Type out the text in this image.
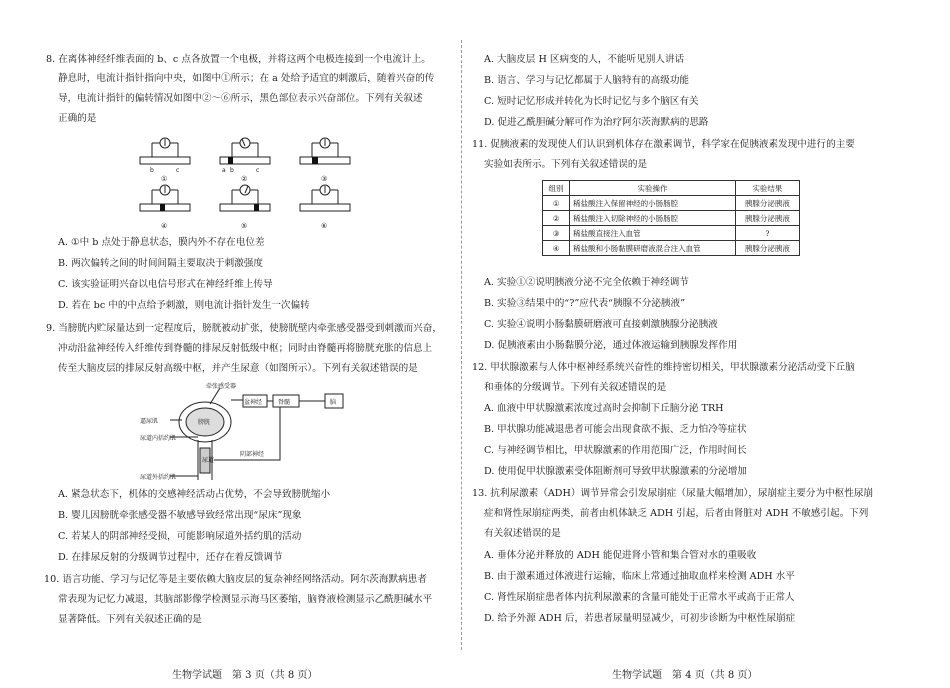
8. 在离体神经纤维表面的 b、c 点各放置一个电极，并将这两个电极连接到一个电流计上。
静息时，电流计指针指向中央，如图中①所示；在 a 处给予适宜的刺激后，随着兴奋的传
导，电流计指针的偏转情况如图中②～⑥所示，黑色部位表示兴奋部位。下列有关叙述
正确的是
b	c	a b	c
①	②	③
④	⑤	⑥
A. ①中 b 点处于静息状态，膜内外不存在电位差
B. 两次偏转之间的时间间隔主要取决于刺激强度
C. 该实验证明兴奋以电信号形式在神经纤维上传导
D. 若在 bc 中的中点给予刺激，则电流计指针发生一次偏转
9. 当膀胱内贮尿量达到一定程度后，膀胱被动扩张，使膀胱壁内牵张感受器受到刺激而兴奋，
冲动沿盆神经传入纤维传到脊髓的排尿反射低级中枢；同时由脊髓再将膀胱充胀的信息上
传至大脑皮层的排尿反射高级中枢，并产生尿意（如图所示）。下列有关叙述错误的是
牵张感受器
盆神经	脊髓	脑
膀胱
逼尿肌
尿道内括约肌
阴部神经
尿道
尿道外括约肌
A. 紧急状态下，机体的交感神经活动占优势，不会导致膀胱缩小
B. 婴儿因膀胱牵张感受器不敏感导致经常出现“尿床”现象
C. 若某人的阴部神经受损，可能影响尿道外括约肌的活动
D. 在排尿反射的分级调节过程中，还存在着反馈调节
10. 语言功能、学习与记忆等是主要依赖大脑皮层的复杂神经网络活动。阿尔茨海默病患者
常表现为记忆力减退，其脑部影像学检测显示海马区萎缩，脑脊液检测显示乙酰胆碱水平
显著降低。下列有关叙述正确的是
生物学试题　第 3 页（共 8 页）
A. 大脑皮层 H 区病变的人，不能听见别人讲话
B. 语言、学习与记忆都属于人脑特有的高级功能
C. 短时记忆形成并转化为长时记忆与多个脑区有关
D. 促进乙酰胆碱分解可作为治疗阿尔茨海默病的思路
11. 促胰液素的发现使人们认识到机体存在激素调节，科学家在促胰液素发现中进行的主要
实验如表所示。下列有关叙述错误的是
组别	实验操作	实验结果
①	稀盐酸注入保留神经的小肠肠腔	胰腺分泌胰液
②	稀盐酸注入切除神经的小肠肠腔	胰腺分泌胰液
③	稀盐酸直接注入血管	?
④	稀盐酸和小肠黏膜研磨液混合注入血管	胰腺分泌胰液
A. 实验①②说明胰液分泌不完全依赖于神经调节
B. 实验③结果中的“?”应代表“胰腺不分泌胰液”
C. 实验④说明小肠黏膜研磨液可直接刺激胰腺分泌胰液
D. 促胰液素由小肠黏膜分泌，通过体液运输到胰腺发挥作用
12. 甲状腺激素与人体中枢神经系统兴奋性的维持密切相关，甲状腺激素分泌活动受下丘脑
和垂体的分级调节。下列有关叙述错误的是
A. 血液中甲状腺激素浓度过高时会抑制下丘脑分泌 TRH
B. 甲状腺功能减退患者可能会出现食欲不振、乏力怕冷等症状
C. 与神经调节相比，甲状腺激素的作用范围广泛，作用时间长
D. 使用促甲状腺激素受体阻断剂可导致甲状腺激素的分泌增加
13. 抗利尿激素（ADH）调节异常会引发尿崩症（尿量大幅增加），尿崩症主要分为中枢性尿崩
症和肾性尿崩症两类，前者由机体缺乏 ADH 引起，后者由肾脏对 ADH 不敏感引起。下列
有关叙述错误的是
A. 垂体分泌并释放的 ADH 能促进肾小管和集合管对水的重吸收
B. 由于激素通过体液进行运输，临床上常通过抽取血样来检测 ADH 水平
C. 肾性尿崩症患者体内抗利尿激素的含量可能处于正常水平或高于正常人
D. 给予外源 ADH 后，若患者尿量明显减少，可初步诊断为中枢性尿崩症
生物学试题　第 4 页（共 8 页）
